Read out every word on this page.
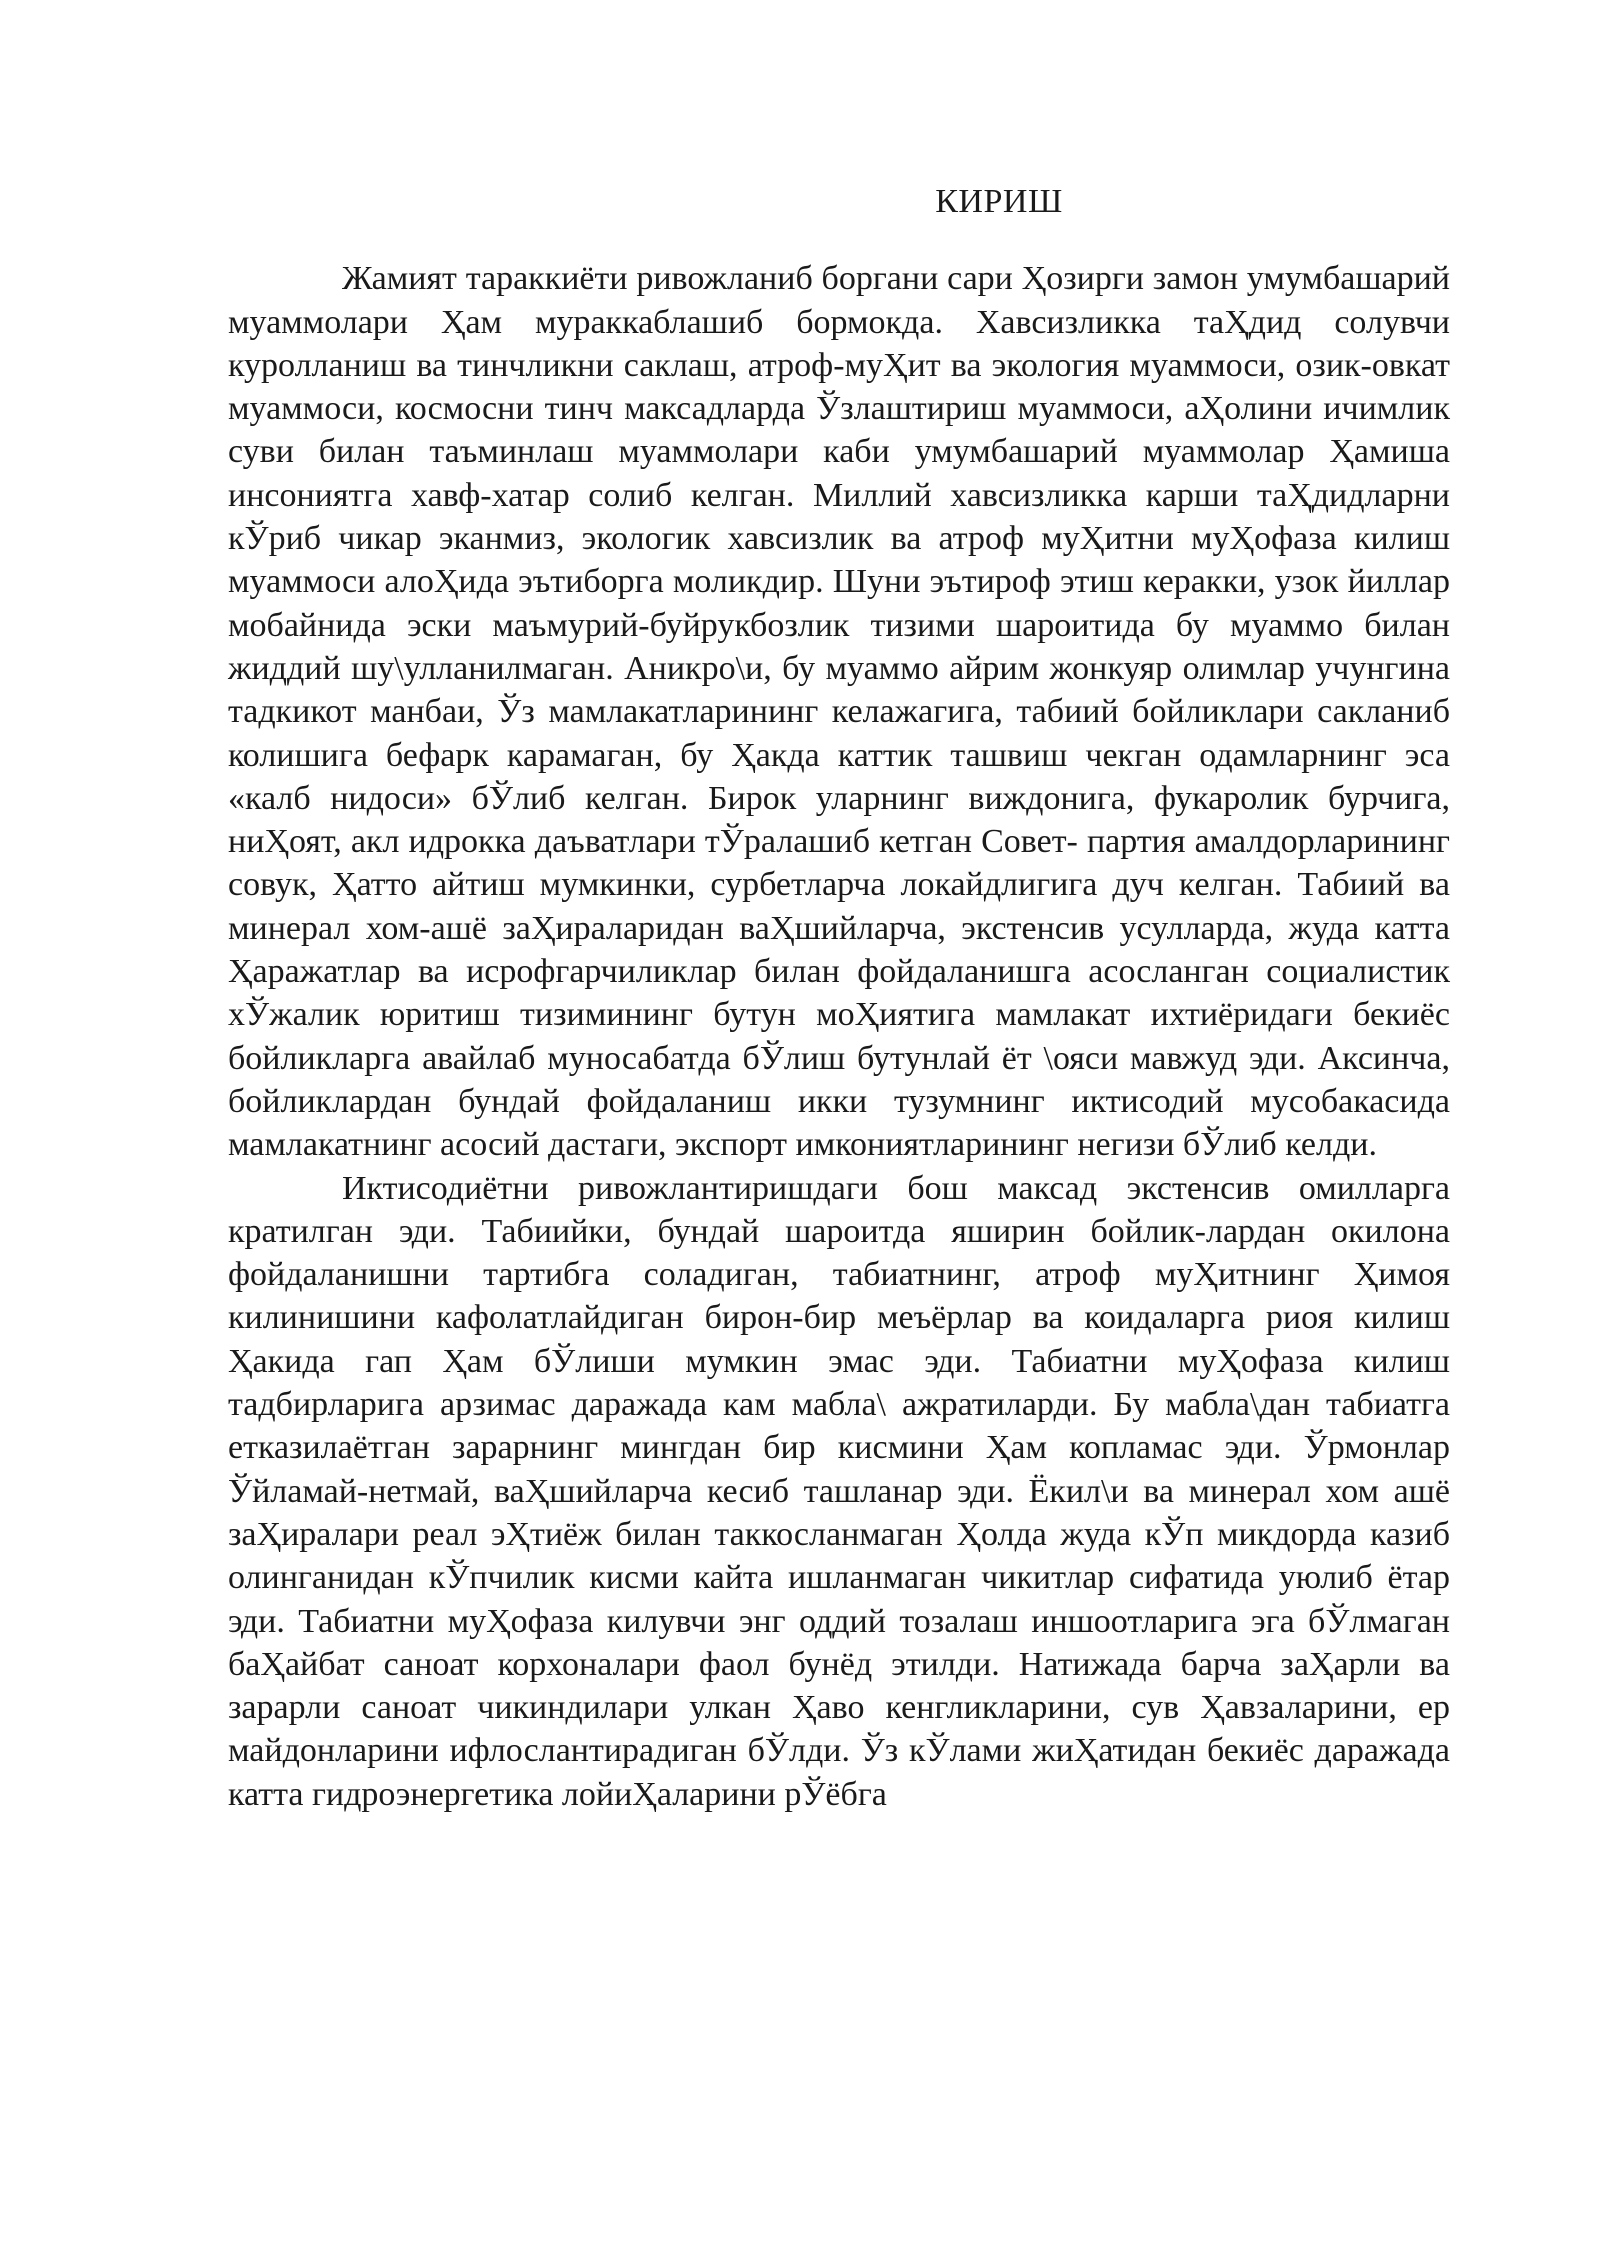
КИРИШ

Жамият тараккиёти ривожланиб боргани сари Ҳозирги замон умумбашарий муаммолари Ҳам мураккаблашиб бормокда. Хавсизликка таҲдид солувчи куролланиш ва тинчликни саклаш, атроф-муҲит ва экология муаммоси, озик-овкат муаммоси, космосни тинч максадларда Ўзлаштириш муаммоси, аҲолини ичимлик суви билан таъминлаш муаммолари каби умумбашарий муаммолар Ҳамиша инсониятга хавф-хатар солиб келган. Миллий хавсизликка карши таҲдидларни кЎриб чикар эканмиз, экологик хавсизлик ва атроф муҲитни муҲофаза килиш муаммоси алоҲида эътиборга моликдир. Шуни эътироф этиш керакки, узок йиллар мобайнида эски маъмурий-буйрукбозлик тизими шароитида бу муаммо билан жиддий шу\улланилмаган. Аникро\и, бу муаммо айрим жонкуяр олимлар учунгина тадкикот манбаи, Ўз мамлакатларининг келажагига, табиий бойликлари сакланиб колишига бефарк карамаган, бу Ҳакда каттик ташвиш чекган одамларнинг эса «калб нидоси» бЎлиб келган. Бирок уларнинг виждонига, фукаролик бурчига, ниҲоят, акл идрокка даъватлари тЎралашиб кетган Совет- партия амалдорларининг совук, Ҳатто айтиш мумкинки, сурбетларча локайдлигига дуч келган. Табиий ва минерал хом-ашё заҲираларидан ваҲшийларча, экстенсив усулларда, жуда катта Ҳаражатлар ва исрофгарчиликлар билан фойдаланишга асосланган социалистик хЎжалик юритиш тизимининг бутун моҲиятига мамлакат ихтиёридаги бекиёс бойликларга авайлаб муносабатда бЎлиш бутунлай ёт \ояси мавжуд эди. Аксинча, бойликлардан бундай фойдаланиш икки тузумнинг иктисодий мусобакасида мамлакатнинг асосий дастаги, экспорт имкониятларининг негизи бЎлиб келди.

Иктисодиётни ривожлантиришдаги бош максад экстенсив омилларга кратилган эди. Табиийки, бундай шароитда яширин бойлик-лардан окилона фойдаланишни тартибга соладиган, табиатнинг, атроф муҲитнинг Ҳимоя килинишини кафолатлайдиган бирон-бир меъёрлар ва коидаларга риоя килиш Ҳакида гап Ҳам бЎлиши мумкин эмас эди. Табиатни муҲофаза килиш тадбирларига арзимас даражада кам мабла\ ажратиларди. Бу мабла\дан табиатга етказилаётган зарарнинг мингдан бир кисмини Ҳам копламас эди. Ўрмонлар Ўйламай-нетмай, ваҲшийларча кесиб ташланар эди. Ёкил\и ва минерал хом ашё заҲиралари реал эҲтиёж билан таккосланмаган Ҳолда жуда кЎп микдорда казиб олинганидан кЎпчилик кисми кайта ишланмаган чикитлар сифатида уюлиб ётар эди. Табиатни муҲофаза килувчи энг оддий тозалаш иншоотларига эга бЎлмаган баҲайбат саноат корхоналари фаол бунёд этилди. Натижада барча заҲарли ва зарарли саноат чикиндилари улкан Ҳаво кенгликларини, сув Ҳавзаларини, ер майдонларини ифлослантирадиган бЎлди. Ўз кЎлами жиҲатидан бекиёс даражада катта гидроэнергетика лойиҲаларини рЎёбга
